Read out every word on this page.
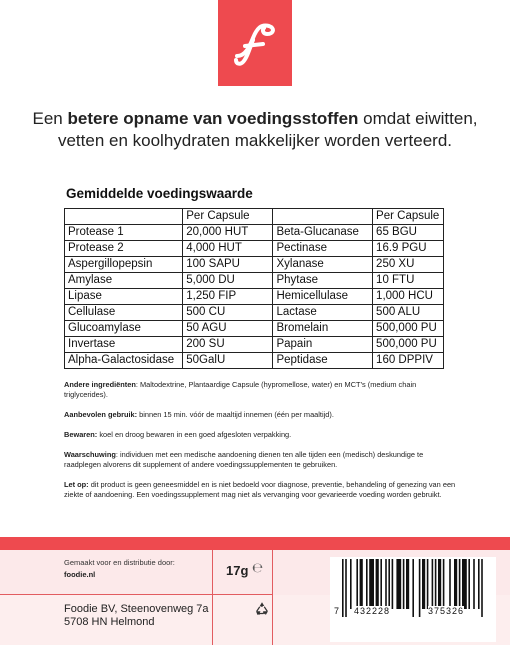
Een betere opname van voedingsstoffen omdat eiwitten, vetten en koolhydraten makkelijker worden verteerd.
Gemiddelde voedingswaarde
	Per Capsule		Per Capsule
Protease 1	20,000 HUT	Beta-Glucanase	65 BGU
Protease 2	4,000 HUT	Pectinase	16.9 PGU
Aspergillopepsin	100 SAPU	Xylanase	250 XU
Amylase	5,000 DU	Phytase	10 FTU
Lipase	1,250 FIP	Hemicellulase	1,000 HCU
Cellulase	500 CU	Lactase	500 ALU
Glucoamylase	50 AGU	Bromelain	500,000 PU
Invertase	200 SU	Papain	500,000 PU
Alpha-Galactosidase	50GalU	Peptidase	160 DPPIV

Andere ingrediënten: Maltodextrine, Plantaardige Capsule (hypromellose, water) en MCT's (medium chain triglycerides).

Aanbevolen gebruik: binnen 15 min. vóór de maaltijd innemen (één per maaltijd).

Bewaren: koel en droog bewaren in een goed afgesloten verpakking.

Waarschuwing: individuen met een medische aandoening dienen ten alle tijden een (medisch) deskundige te raadplegen alvorens dit supplement of andere voedingssupplementen te gebruiken.

Let op: dit product is geen geneesmiddel en is niet bedoeld voor diagnose, preventie, behandeling of genezing van een ziekte of aandoening. Een voedingssupplement mag niet als vervanging voor gevarieerde voeding worden gebruikt.

Gemaakt voor en distributie door:
foodie.nl	17g ℮
Foodie BV, Steenovenweg 7a
5708 HN Helmond
7 432228	375326
